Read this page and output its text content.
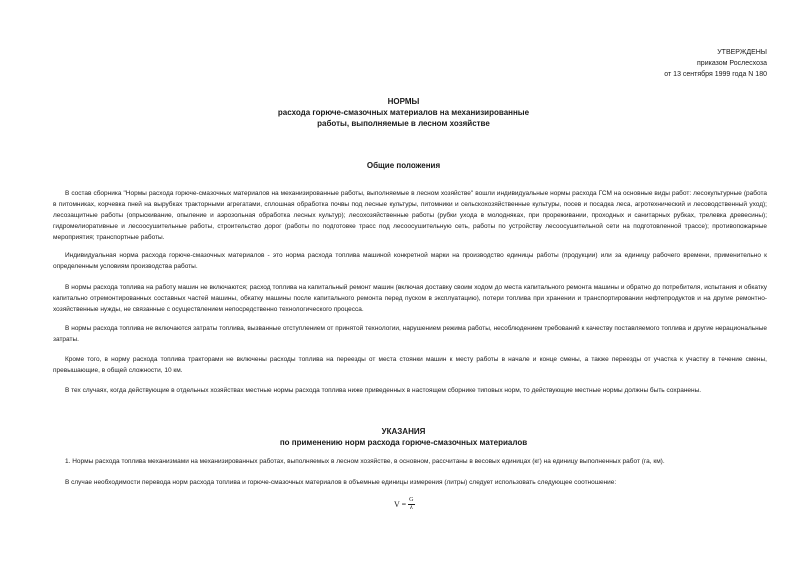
УТВЕРЖДЕНЫ
приказом Рослесхоза
от 13 сентября 1999 года N 180
НОРМЫ
расхода горюче-смазочных материалов на механизированные
работы, выполняемые в лесном хозяйстве
Общие положения
В состав сборника "Нормы расхода горюче-смазочных материалов на механизированные работы, выполняемые в лесном хозяйстве" вошли индивидуальные нормы расхода ГСМ на основные виды работ: лесокультурные (работа в питомниках, корчевка пней на вырубках тракторными агрегатами, сплошная обработка почвы под лесные культуры, питомники и сельскохозяйственные культуры, посев и посадка леса, агротехнический и лесоводственный уход); лесозащитные работы (опрыскивание, опыление и аэрозольная обработка лесных культур); лесохозяйственные работы (рубки ухода в молодняках, при прореживании, проходных и санитарных рубках, трелевка древесины); гидромелиоративные и лесоосушительные работы, строительство дорог (работы по подготовке трасс под лесоосушительную сеть, работы по устройству лесоосушительной сети на подготовленной трассе); противопожарные мероприятия; транспортные работы.
Индивидуальная норма расхода горюче-смазочных материалов - это норма расхода топлива машиной конкретной марки на производство единицы работы (продукции) или за единицу рабочего времени, применительно к определенным условиям производства работы.
В нормы расхода топлива на работу машин не включаются; расход топлива на капитальный ремонт машин (включая доставку своим ходом до места капитального ремонта машины и обратно до потребителя, испытания и обкатку капитально отремонтированных составных частей машины, обкатку машины после капитального ремонта перед пуском в эксплуатацию), потери топлива при хранении и транспортировании нефтепродуктов и на другие ремонтно-хозяйственные нужды, не связанные с осуществлением непосредственно технологического процесса.
В нормы расхода топлива не включаются затраты топлива, вызванные отступлением от принятой технологии, нарушением режима работы, несоблюдением требований к качеству поставляемого топлива и другие нерациональные затраты.
Кроме того, в норму расхода топлива тракторами не включены расходы топлива на переезды от места стоянки машин к месту работы в начале и конце смены, а также переезды от участка к участку в течение смены, превышающие, в общей сложности, 10 км.
В тех случаях, когда действующие в отдельных хозяйствах местные нормы расхода топлива ниже приведенных в настоящем сборнике типовых норм, то действующие местные нормы должны быть сохранены.
УКАЗАНИЯ
по применению норм расхода горюче-смазочных материалов
1. Нормы расхода топлива механизмами на механизированных работах, выполняемых в лесном хозяйстве, в основном, рассчитаны в весовых единицах (кг) на единицу выполненных работ (га, км).
В случае необходимости перевода норм расхода топлива и горюче-смазочных материалов в объемные единицы измерения (литры) следует использовать следующее соотношение:
$V = \frac{G}{\lambda}$
